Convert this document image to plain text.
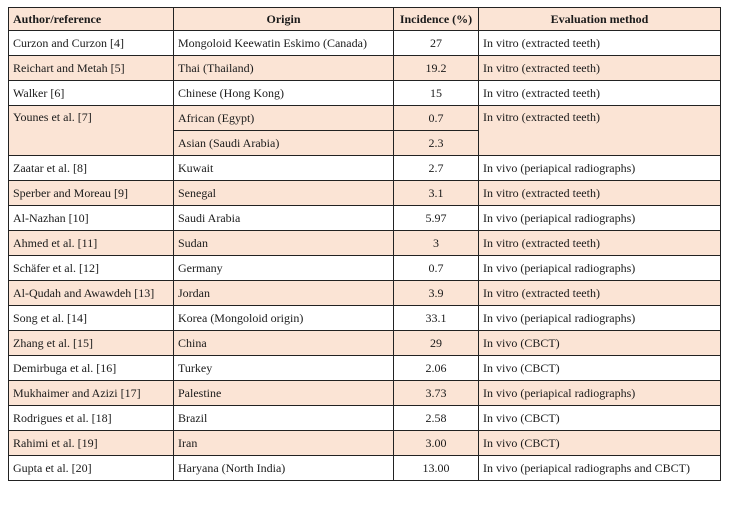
Author/reference	Origin	Incidence (%)	Evaluation method
Curzon and Curzon [4]	Mongoloid Keewatin Eskimo (Canada)	27	In vitro (extracted teeth)
Reichart and Metah [5]	Thai (Thailand)	19.2	In vitro (extracted teeth)
Walker [6]	Chinese (Hong Kong)	15	In vitro (extracted teeth)
Younes et al. [7]	African (Egypt)	0.7	In vitro (extracted teeth)
	Asian (Saudi Arabia)	2.3	
Zaatar et al. [8]	Kuwait	2.7	In vivo (periapical radiographs)
Sperber and Moreau [9]	Senegal	3.1	In vitro (extracted teeth)
Al-Nazhan [10]	Saudi Arabia	5.97	In vivo (periapical radiographs)
Ahmed et al. [11]	Sudan	3	In vitro (extracted teeth)
Schäfer et al. [12]	Germany	0.7	In vivo (periapical radiographs)
Al-Qudah and Awawdeh [13]	Jordan	3.9	In vitro (extracted teeth)
Song et al. [14]	Korea (Mongoloid origin)	33.1	In vivo (periapical radiographs)
Zhang et al. [15]	China	29	In vivo (CBCT)
Demirbuga et al. [16]	Turkey	2.06	In vivo (CBCT)
Mukhaimer and Azizi [17]	Palestine	3.73	In vivo (periapical radiographs)
Rodrigues et al. [18]	Brazil	2.58	In vivo (CBCT)
Rahimi et al. [19]	Iran	3.00	In vivo (CBCT)
Gupta et al. [20]	Haryana (North India)	13.00	In vivo (periapical radiographs and CBCT)
